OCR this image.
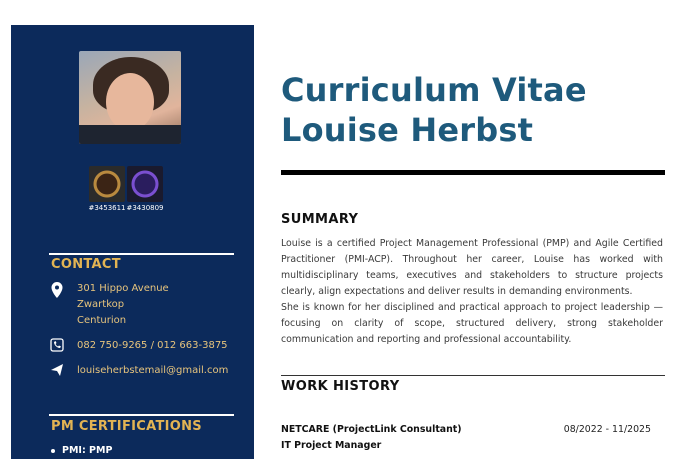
#3453611 #3430809
CONTACT
301 Hippo Avenue
Zwartkop
Centurion
082 750-9265 / 012 663-3875
louiseherbstemail@gmail.com
PM CERTIFICATIONS
PMI: PMP
Curriculum Vitae
Louise Herbst
SUMMARY
Louise is a certified Project Management Professional (PMP) and Agile Certified Practitioner (PMI-ACP). Throughout her career, Louise has worked with multidisciplinary teams, executives and stakeholders to structure projects clearly, align expectations and deliver results in demanding environments.
She is known for her disciplined and practical approach to project leadership — focusing on clarity of scope, structured delivery, strong stakeholder communication and reporting and professional accountability.
WORK HISTORY
NETCARE (ProjectLink Consultant)	08/2022 - 11/2025
IT Project Manager
